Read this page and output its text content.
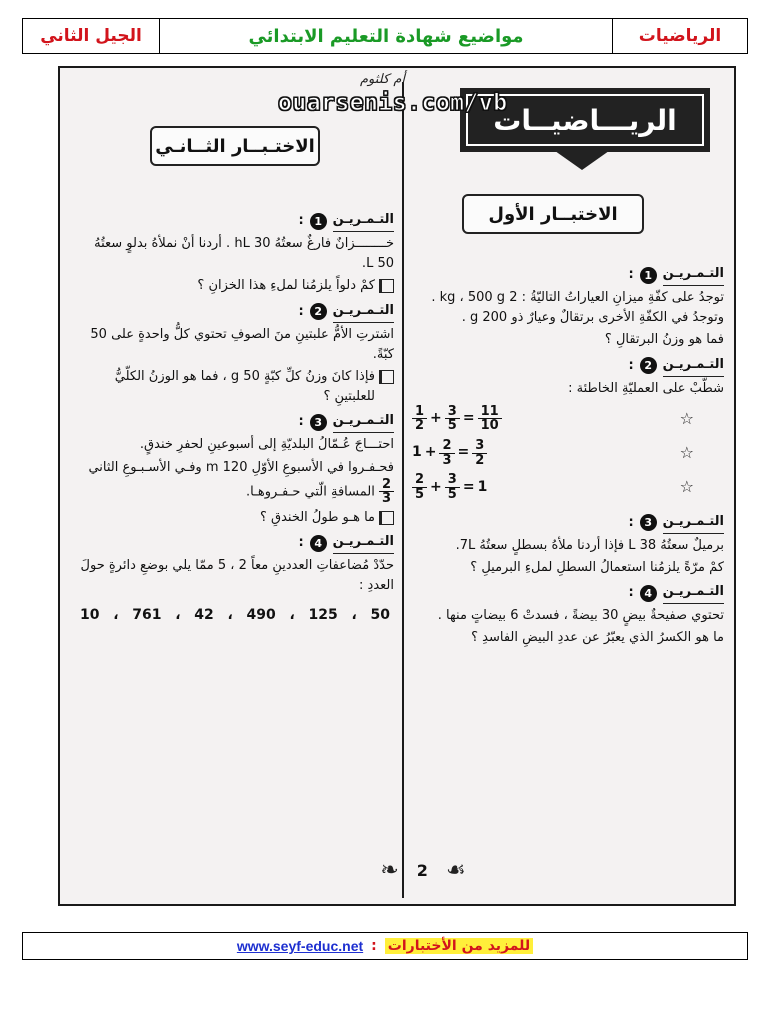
الجيل الثاني	مواضيع شهادة التعليم الابتدائي	الرياضيات
الريـــاضيــات
ouarsenis.com/vb
أم كلثوم
الاختـبــار الثــانـي
الاختبــار الأول
التـمـريـن
1
:
توجدُ على كفّةِ ميزانِ العياراتُ التاليّةُ : 2 kg ، 500 g . وتوجدُ في الكفّةِ الأخرى برتقالٌ وعيارٌ ذو 200 g .
فما هو وزنُ البرتقالِ ؟
التـمـريـن
2
:
شطّبْ على العمليّةِ الخاطئة :
$\frac{1}{2} + \frac{3}{5} = \frac{11}{10}$	☆
$1 + \frac{2}{3} = \frac{3}{2}$	☆
$\frac{2}{5} + \frac{3}{5} = 1$	☆
التـمـريـن
3
:
برميلٌ سعتُهُ 38 L فإذا أردنا ملأهُ بسطلٍ سعتُهُ 7L.
كمْ مرّةً يلزمُنا استعمالُ السطلِ لملءِ البرميلِ ؟
التـمـريـن
4
:
تحتوي صفيحةٌ بيضٍ 30 بيضةً ، فسدتْ 6 بيضاتٍ منها .
ما هو الكسرُ الذي يعبّرُ عن عددِ البيضِ الفاسدِ ؟
التـمـريـن
1
:
خــــــــزانٌ فارغٌ سعتُهُ 30 hL . أردنا أنْ نملأهُ بدلوٍ سعتُهُ 50 L.
كمْ دلواً يلزمُنا لملءِ هذا الخزانِ ؟
التـمـريـن
2
:
اشترتِ الأمُّ علبتينِ منَ الصوفِ تحتوي كلُّ واحدةٍ على 50 كبّةً.
فإذا كانَ وزنُ كلِّ كبّةٍ 50 g ، فما هو الوزنُ الكلّيُّ للعلبتينِ ؟
التـمـريـن
3
:
احتـــاجَ عُـمّالُ البلديّةِ إلى أسبوعينِ لحفرِ خندقٍ.
فحـفـروا في الأسبوعِ الأوّلِ 120 m وفـي الأسـبـوعِ الثاني
$\frac{2}{3}$
المسافةِ الّتي حـفـروهـا.
ما هـو طولُ الخندقِ ؟
التـمـريـن
4
:
حدّدْ مُضاعفاتِ العددينِ معاً 2 ، 5 ممّا يلي بوضعِ دائرةٍ حولَ العددِ :
50
،
125
،
490
،
42
،
761
،
10
❧ 2 ☙
www.seyf-educ.net : للمزيد من الأختبارات
